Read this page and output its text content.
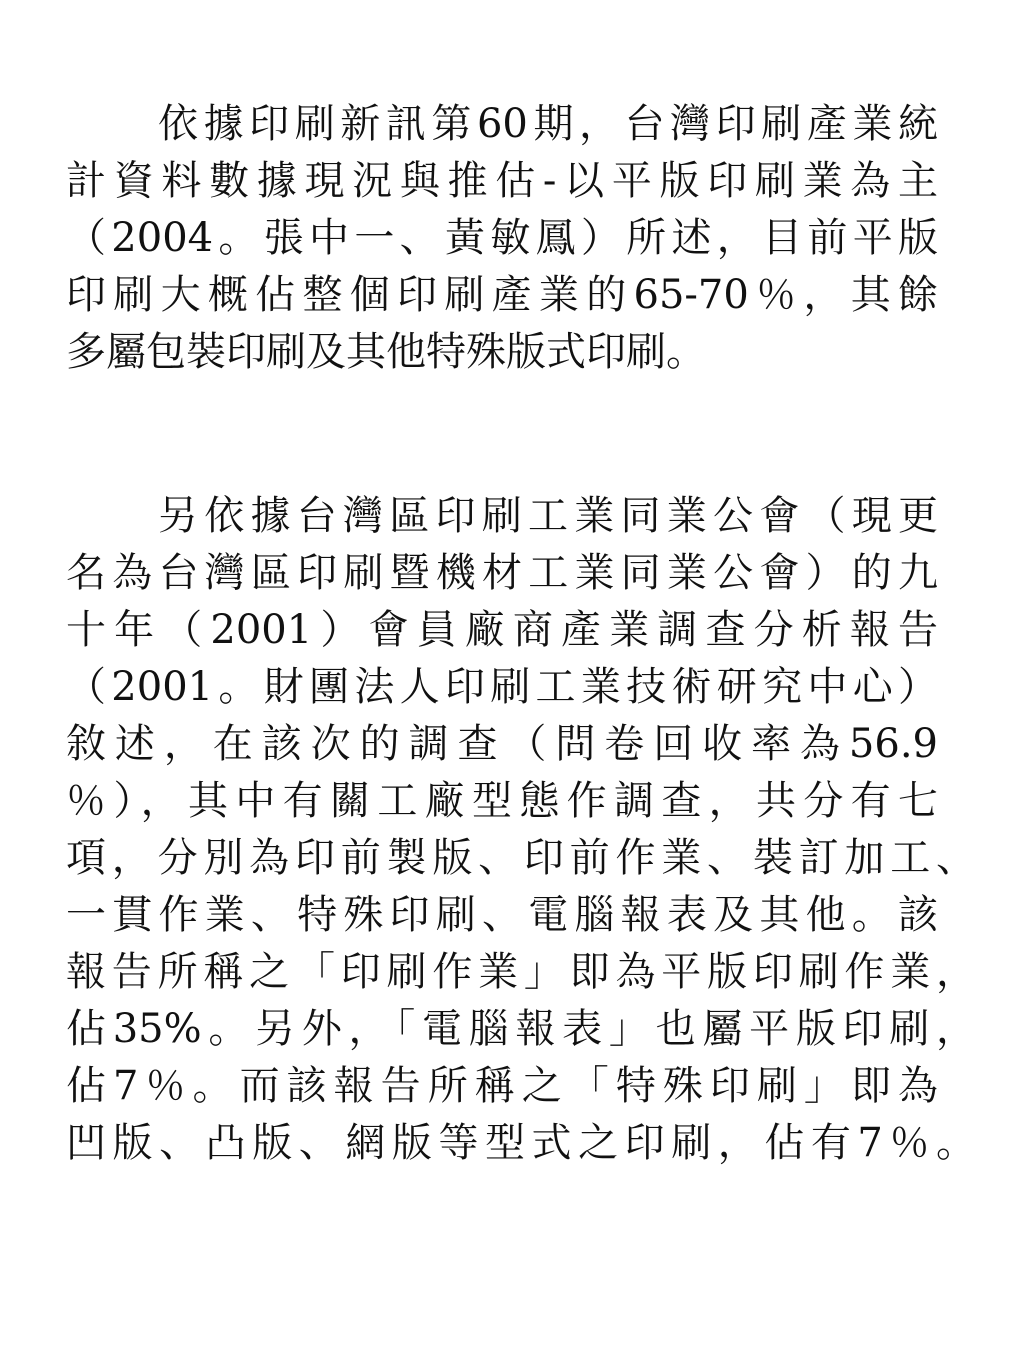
依據印刷新訊第60期，台灣印刷產業統
計資料數據現況與推估-以平版印刷業為主
（2004。張中一、黃敏鳳）所述，目前平版
印刷大概佔整個印刷產業的65-70％，其餘
多屬包裝印刷及其他特殊版式印刷。
另依據台灣區印刷工業同業公會（現更
名為台灣區印刷暨機材工業同業公會）的九
十年（2001）會員廠商產業調查分析報告
（2001。財團法人印刷工業技術研究中心）
敘述，在該次的調查（問卷回收率為56.9
％），其中有關工廠型態作調查，共分有七
項，分別為印前製版、印前作業、裝訂加工、
一貫作業、特殊印刷、電腦報表及其他。該
報告所稱之「印刷作業」即為平版印刷作業，
佔35%。另外，「電腦報表」也屬平版印刷，
佔7％。而該報告所稱之「特殊印刷」即為
凹版、凸版、網版等型式之印刷，佔有7％。
